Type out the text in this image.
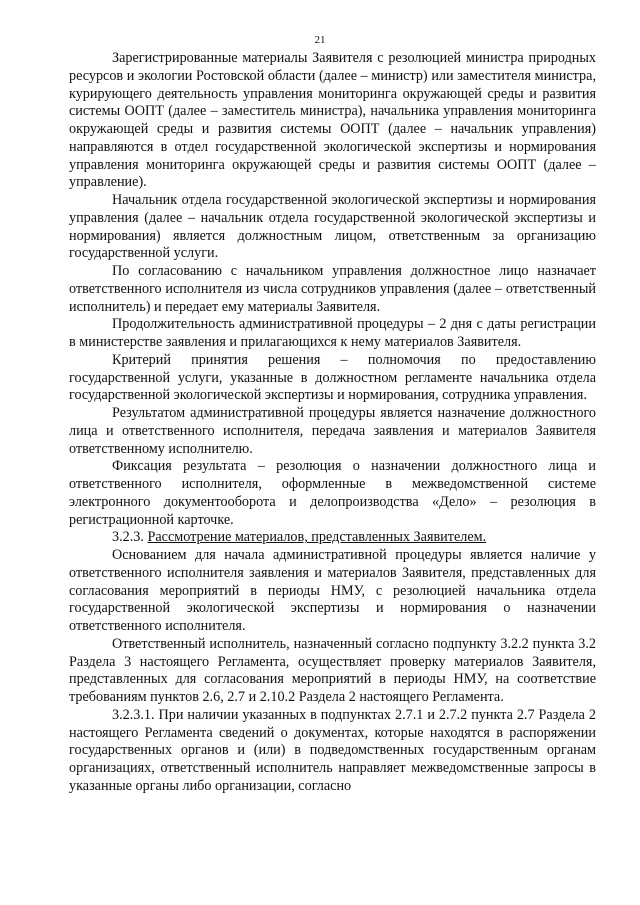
21

Зарегистрированные материалы Заявителя с резолюцией министра природных ресурсов и экологии Ростовской области (далее – министр) или заместителя министра, курирующего деятельность управления мониторинга окружающей среды и развития системы ООПТ (далее – заместитель министра), начальника управления мониторинга окружающей среды и развития системы ООПТ (далее – начальник управления) направляются в отдел государственной экологической экспертизы и нормирования управления мониторинга окружающей среды и развития системы ООПТ (далее – управление).

Начальник отдела государственной экологической экспертизы и нормирования управления (далее – начальник отдела государственной экологической экспертизы и нормирования) является должностным лицом, ответственным за организацию государственной услуги.

По согласованию с начальником управления должностное лицо назначает ответственного исполнителя из числа сотрудников управления (далее – ответственный исполнитель) и передает ему материалы Заявителя.

Продолжительность административной процедуры – 2 дня с даты регистрации в министерстве заявления и прилагающихся к нему материалов Заявителя.

Критерий принятия решения – полномочия по предоставлению государственной услуги, указанные в должностном регламенте начальника отдела государственной экологической экспертизы и нормирования, сотрудника управления.

Результатом административной процедуры является назначение должностного лица и ответственного исполнителя, передача заявления и материалов Заявителя ответственному исполнителю.

Фиксация результата – резолюция о назначении должностного лица и ответственного исполнителя, оформленные в межведомственной системе электронного документооборота и делопроизводства «Дело» – резолюция в регистрационной карточке.

3.2.3. Рассмотрение материалов, представленных Заявителем.

Основанием для начала административной процедуры является наличие у ответственного исполнителя заявления и материалов Заявителя, представленных для согласования мероприятий в периоды НМУ, с резолюцией начальника отдела государственной экологической экспертизы и нормирования о назначении ответственного исполнителя.

Ответственный исполнитель, назначенный согласно подпункту 3.2.2 пункта 3.2 Раздела 3 настоящего Регламента, осуществляет проверку материалов Заявителя, представленных для согласования мероприятий в периоды НМУ, на соответствие требованиям пунктов 2.6, 2.7 и 2.10.2 Раздела 2 настоящего Регламента.

3.2.3.1. При наличии указанных в подпунктах 2.7.1 и 2.7.2 пункта 2.7 Раздела 2 настоящего Регламента сведений о документах, которые находятся в распоряжении государственных органов и (или) в подведомственных государственным органам организациях, ответственный исполнитель направляет межведомственные запросы в указанные органы либо организации, согласно
